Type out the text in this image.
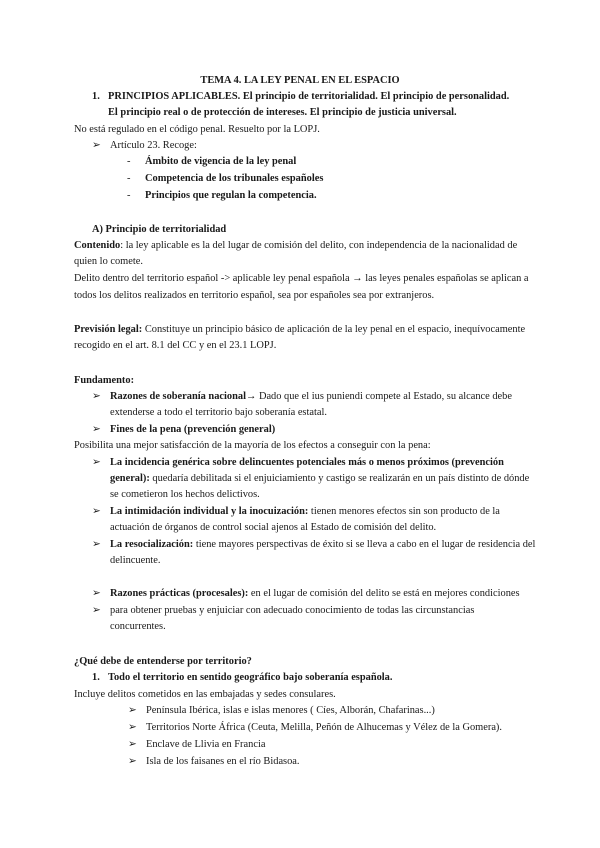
TEMA 4. LA LEY PENAL EN EL ESPACIO
1. PRINCIPIOS APLICABLES. El principio de territorialidad. El principio de personalidad.
El principio real o de protección de intereses. El principio de justicia universal.
No está regulado en el código penal. Resuelto por la LOPJ.
➢ Artículo 23. Recoge:
- Ámbito de vigencia de la ley penal
- Competencia de los tribunales españoles
- Principios que regulan la competencia.
A) Principio de territorialidad
Contenido: la ley aplicable es la del lugar de comisión del delito, con independencia de la nacionalidad de
quien lo comete.
Delito dentro del territorio español -> aplicable ley penal española → las leyes penales españolas se aplican a
todos los delitos realizados en territorio español, sea por españoles sea por extranjeros.
Previsión legal: Constituye un principio básico de aplicación de la ley penal en el espacio, inequívocamente
recogido en el art. 8.1 del CC y en el 23.1 LOPJ.
Fundamento:
➢ Razones de soberanía nacional→ Dado que el ius puniendi compete al Estado, su alcance debe
extenderse a todo el territorio bajo soberanía estatal.
➢ Fines de la pena (prevención general)
Posibilita una mejor satisfacción de la mayoría de los efectos a conseguir con la pena:
➢ La incidencia genérica sobre delincuentes potenciales más o menos próximos (prevención
general): quedaría debilitada si el enjuiciamiento y castigo se realizarán en un país distinto de dónde
se cometieron los hechos delictivos.
➢ La intimidación individual y la inocuización: tienen menores efectos sin son producto de la
actuación de órganos de control social ajenos al Estado de comisión del delito.
➢ La resocialización: tiene mayores perspectivas de éxito si se lleva a cabo en el lugar de residencia del
delincuente.
➢ Razones prácticas (procesales): en el lugar de comisión del delito se está en mejores condiciones
➢ para obtener pruebas y enjuiciar con adecuado conocimiento de todas las circunstancias
concurrentes.
¿Qué debe de entenderse por territorio?
1. Todo el territorio en sentido geográfico bajo soberanía española.
Incluye delitos cometidos en las embajadas y sedes consulares.
➢ Península Ibérica, islas e islas menores ( Cíes, Alborán, Chafarinas...)
➢ Territorios Norte África (Ceuta, Melilla, Peñón de Alhucemas y Vélez de la Gomera).
➢ Enclave de Llivia en Francia
➢ Isla de los faisanes en el río Bidasoa.
